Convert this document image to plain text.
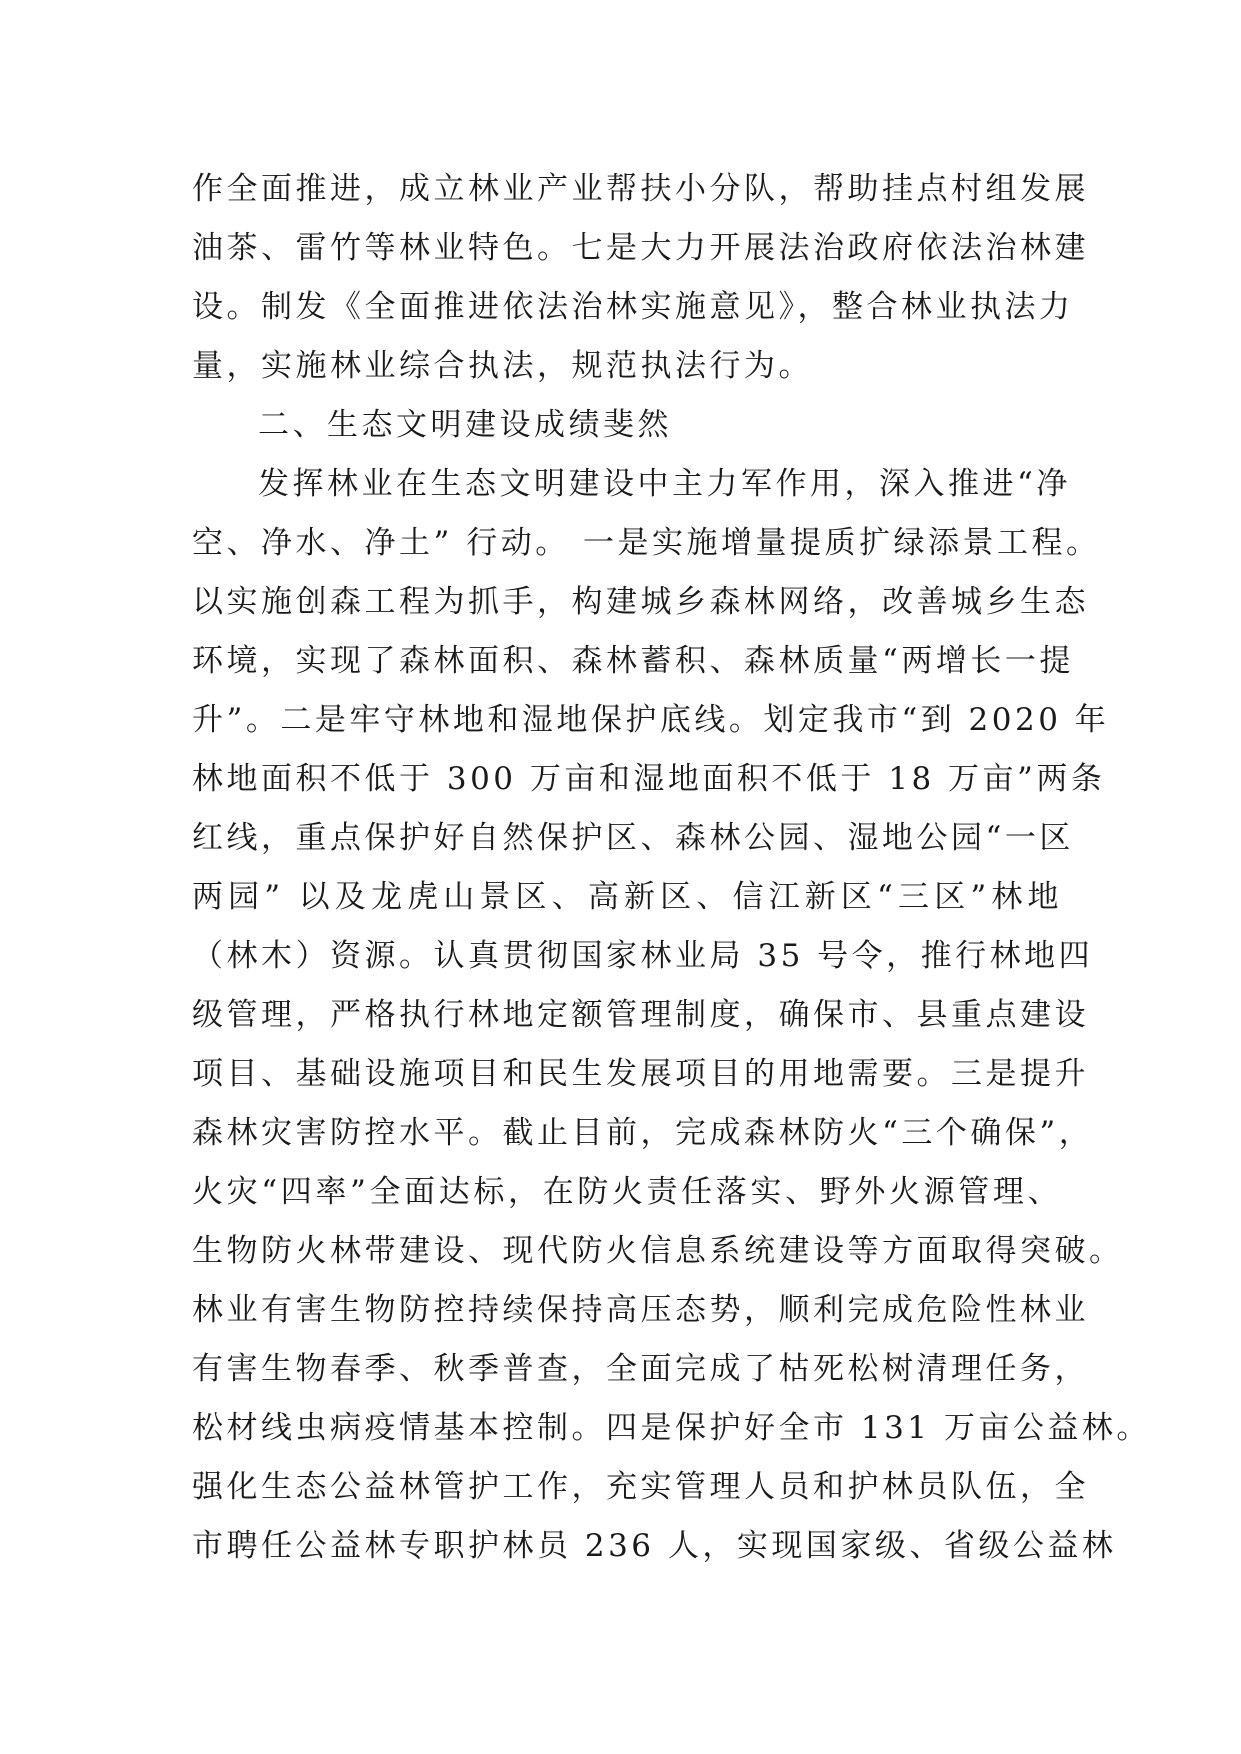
作全面推进，成立林业产业帮扶小分队，帮助挂点村组发展
油茶、雷竹等林业特色。七是大力开展法治政府依法治林建
设。制发《全面推进依法治林实施意见》，整合林业执法力
量，实施林业综合执法，规范执法行为。
二、生态文明建设成绩斐然
发挥林业在生态文明建设中主力军作用，深入推进“净
空、净水、净土” 行动。 一是实施增量提质扩绿添景工程。
以实施创森工程为抓手，构建城乡森林网络，改善城乡生态
环境，实现了森林面积、森林蓄积、森林质量“两增长一提
升”。二是牢守林地和湿地保护底线。划定我市“到 2020 年
林地面积不低于 300 万亩和湿地面积不低于 18 万亩”两条
红线，重点保护好自然保护区、森林公园、湿地公园“一区
两园” 以及龙虎山景区、高新区、信江新区“三区”林地
（林木）资源。认真贯彻国家林业局 35 号令，推行林地四
级管理，严格执行林地定额管理制度，确保市、县重点建设
项目、基础设施项目和民生发展项目的用地需要。三是提升
森林灾害防控水平。截止目前，完成森林防火“三个确保”，
火灾“四率”全面达标，在防火责任落实、野外火源管理、
生物防火林带建设、现代防火信息系统建设等方面取得突破。
林业有害生物防控持续保持高压态势，顺利完成危险性林业
有害生物春季、秋季普查，全面完成了枯死松树清理任务，
松材线虫病疫情基本控制。四是保护好全市 131 万亩公益林。
强化生态公益林管护工作，充实管理人员和护林员队伍，全
市聘任公益林专职护林员 236 人，实现国家级、省级公益林
